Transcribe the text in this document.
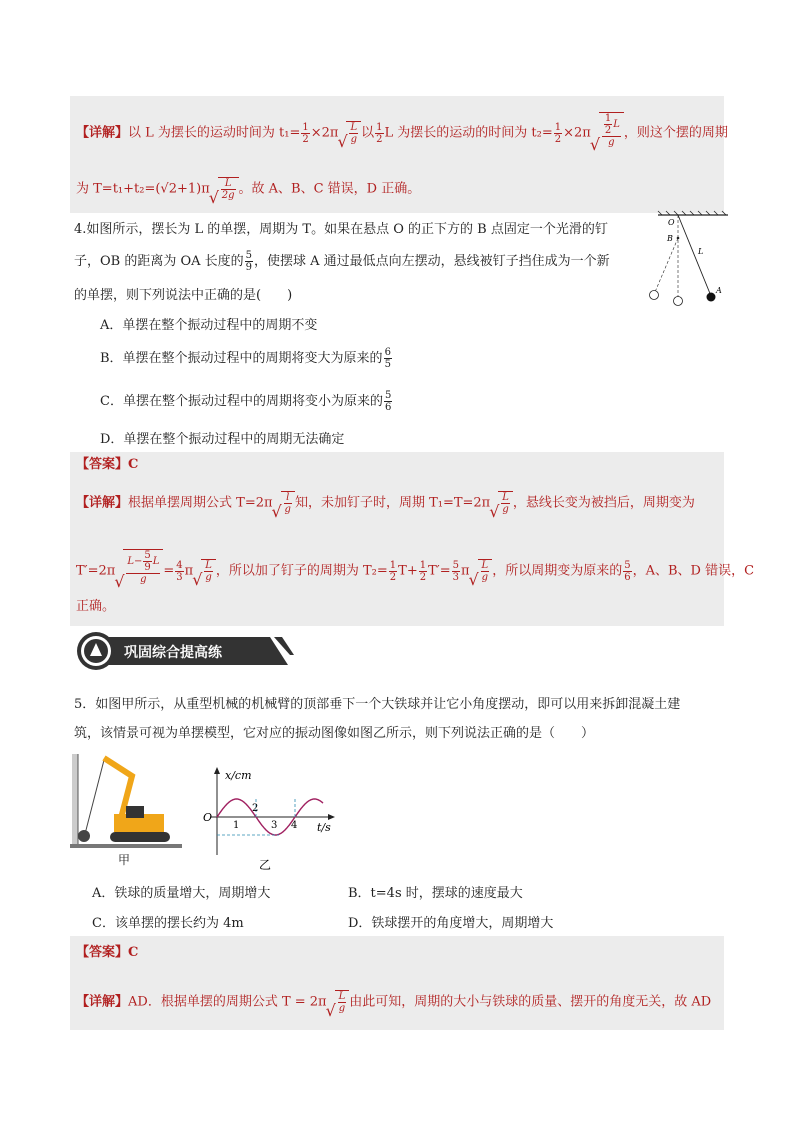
【详解】以 L 为摆长的运动时间为 $t_1= \frac{1}{2} \times 2\pi$ √ $\frac{L}{g}$ 以 $\frac{1}{2}$ L 为摆长的运动的时间为 $t_2= \frac{1}{2} \times 2\pi$ √ $\frac{\frac{1}{2} L}{g}$ ，则这个摆的周期
为 T=t₁+t₂=(√2+1)π √ $\frac{L}{2g}$ 。故 A、B、C 错误，D 正确。
4.如图所示，摆长为 L 的单摆，周期为 T。如果在悬点 O 的正下方的 B 点固定一个光滑的钉
子，OB 的距离为 OA 长度的 $\frac{5}{9}$ ，使摆球 A 通过最低点向左摆动，悬线被钉子挡住成为一个新
的单摆，则下列说法中正确的是(　　)
O
B
L
A
A．单摆在整个振动过程中的周期不变
B．单摆在整个振动过程中的周期将变大为原来的 $\frac{6}{5}$
C．单摆在整个振动过程中的周期将变小为原来的 $\frac{5}{6}$
D．单摆在整个振动过程中的周期无法确定
【答案】C
【详解】根据单摆周期公式 T=2π √ $\frac{l}{g}$ 知，未加钉子时，周期 T₁=T=2π √ $\frac{L}{g}$ ，悬线长变为被挡后，周期变为
T′=2π √ $\frac{L- \frac{5}{9} L}{g} = \frac{4}{3}$ π √ $\frac{L}{g}$ ，所以加了钉子的周期为 $T_2= \frac{1}{2} T+ \frac{1}{2} T'= \frac{5}{3}$ π √ $\frac{L}{g}$ ，所以周期变为原来的 $\frac{5}{6}$ ，A、B、D 错误，C
正确。
巩固综合提高练
5．如图甲所示，从重型机械的机械臂的顶部垂下一个大铁球并让它小角度摆动，即可以用来拆卸混凝土建
筑，该情景可视为单摆模型，它对应的振动图像如图乙所示，则下列说法正确的是（　　）
甲
x/cm
t/s
O
1
2
3 4
乙
A．铁球的质量增大，周期增大	B．t=4s 时，摆球的速度最大
C．该单摆的摆长约为 4m	D．铁球摆开的角度增大，周期增大
【答案】C
【详解】AD．根据单摆的周期公式 T = 2π √ $\frac{L}{g}$ 由此可知，周期的大小与铁球的质量、摆开的角度无关，故 AD
